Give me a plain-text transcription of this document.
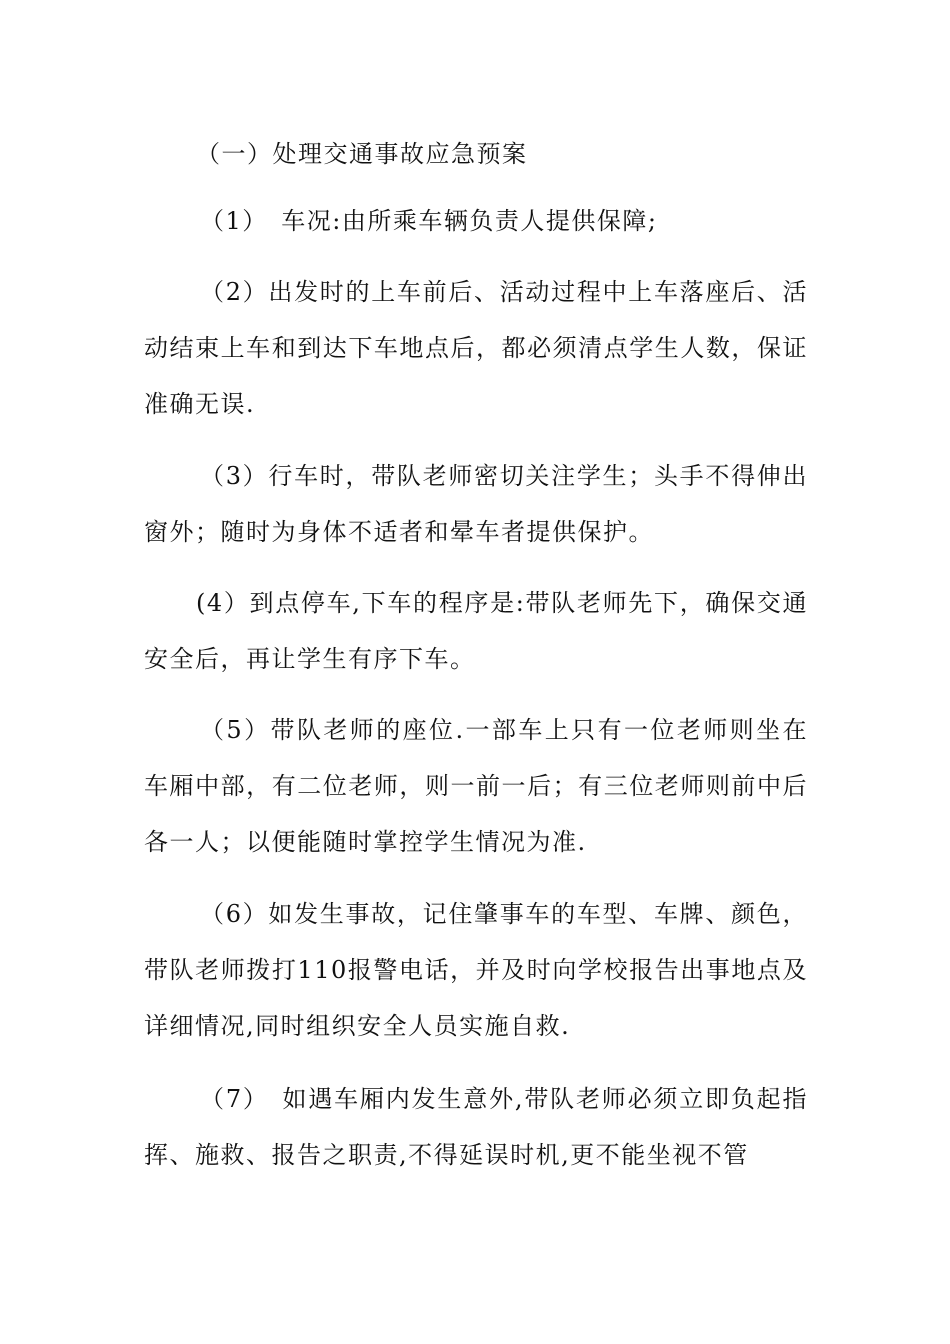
（一）处理交通事故应急预案
（1）　车况:由所乘车辆负责人提供保障;
（2）出发时的上车前后、活动过程中上车落座后、活动结束上车和到达下车地点后，都必须清点学生人数，保证准确无误.
（3）行车时，带队老师密切关注学生；头手不得伸出窗外；随时为身体不适者和晕车者提供保护。
(4）到点停车,下车的程序是:带队老师先下，确保交通安全后，再让学生有序下车。
（5）带队老师的座位.一部车上只有一位老师则坐在车厢中部，有二位老师，则一前一后；有三位老师则前中后各一人；以便能随时掌控学生情况为准.
（6）如发生事故，记住肇事车的车型、车牌、颜色，带队老师拨打110报警电话，并及时向学校报告出事地点及详细情况,同时组织安全人员实施自救.
（7）　如遇车厢内发生意外,带队老师必须立即负起指挥、施救、报告之职责,不得延误时机,更不能坐视不管
